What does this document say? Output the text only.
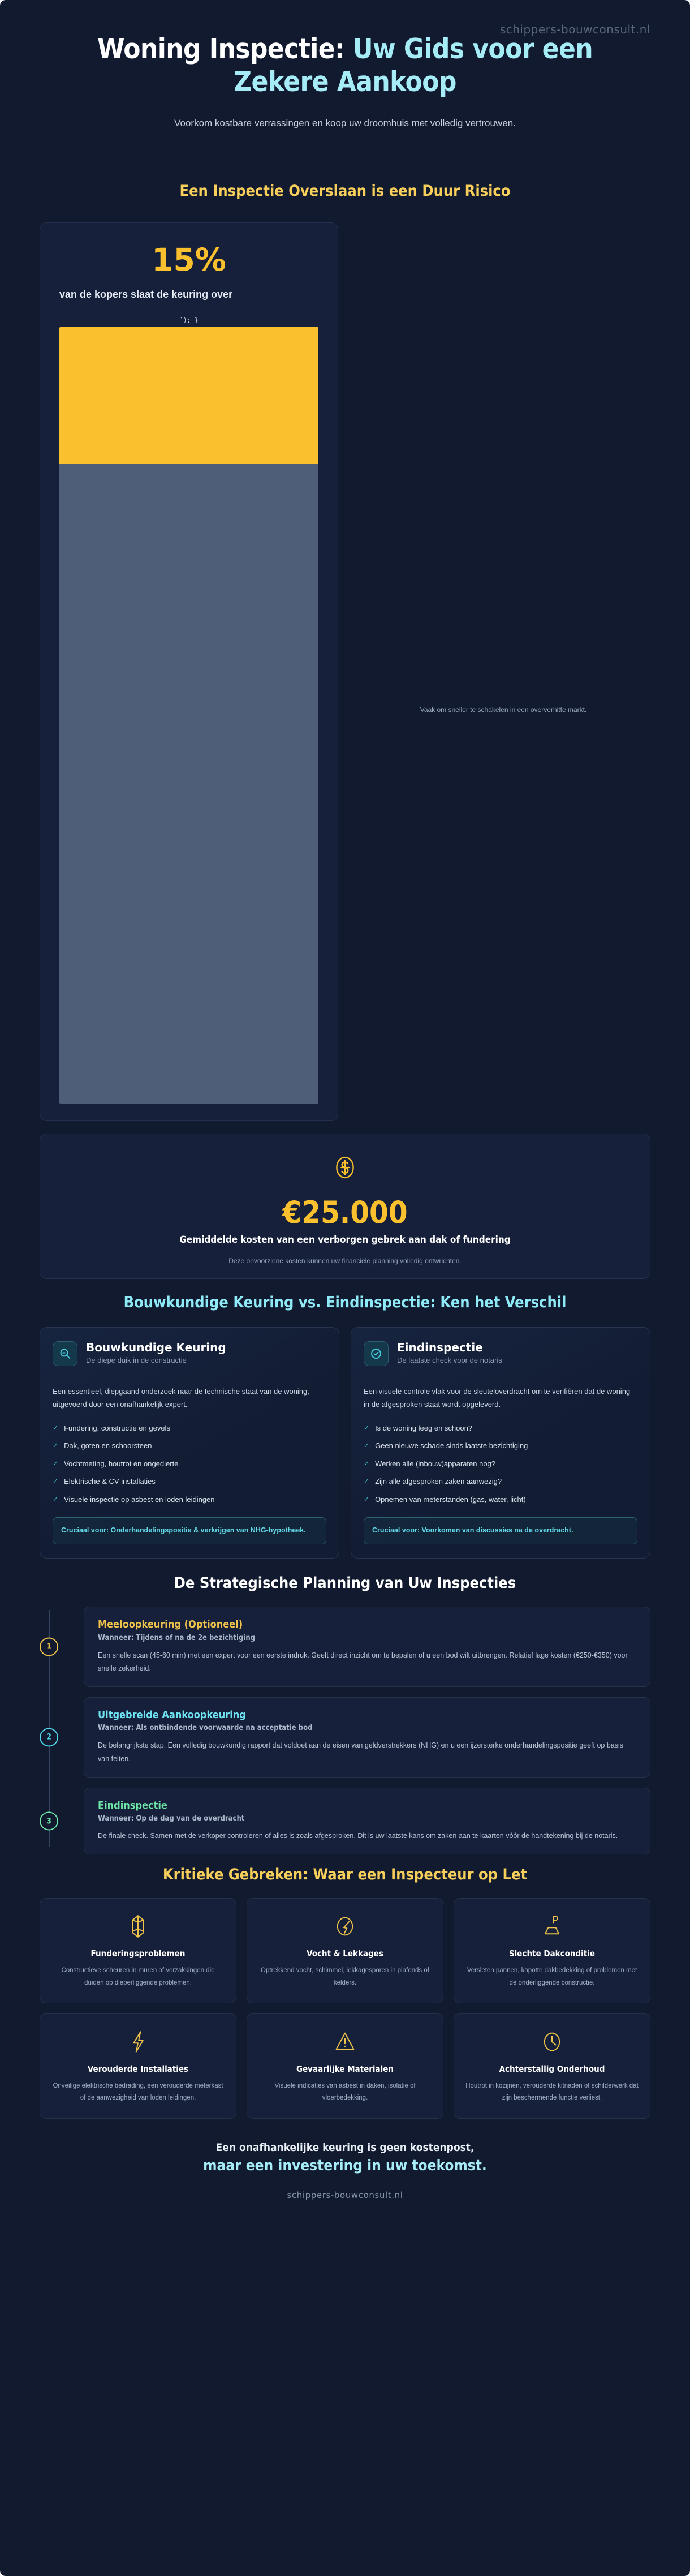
schippers-bouwconsult.nl
Woning Inspectie: Uw Gids voor een Zekere Aankoop

Voorkom kostbare verrassingen en koop uw droomhuis met volledig vertrouwen.

Een Inspectie Overslaan is een Duur Risico
15%
van de kopers slaat de keuring over
`); }
Vaak om sneller te schakelen in een oververhitte markt.
€25.000
Gemiddelde kosten van een verborgen gebrek aan dak of fundering
Deze onvoorziene kosten kunnen uw financiële planning volledig ontwrichten.
Bouwkundige Keuring vs. Eindinspectie: Ken het Verschil
Bouwkundige Keuring
De diepe duik in de constructie

Een essentieel, diepgaand onderzoek naar de technische staat van de woning, uitgevoerd door een onafhankelijk expert.

✓ Fundering, constructie en gevels
✓ Dak, goten en schoorsteen
✓ Vochtmeting, houtrot en ongedierte
✓ Elektrische & CV-installaties
✓ Visuele inspectie op asbest en loden leidingen
Cruciaal voor: Onderhandelingspositie & verkrijgen van NHG-hypotheek.
Eindinspectie
De laatste check voor de notaris

Een visuele controle vlak voor de sleuteloverdracht om te verifiêren dat de woning in de afgesproken staat wordt opgeleverd.

✓ Is de woning leeg en schoon?
✓ Geen nieuwe schade sinds laatste bezichtiging
✓ Werken alle (inbouw)apparaten nog?
✓ Zijn alle afgesproken zaken aanwezig?
✓ Opnemen van meterstanden (gas, water, licht)
Cruciaal voor: Voorkomen van discussies na de overdracht.
De Strategische Planning van Uw Inspecties
1
Meeloopkeuring (Optioneel)
Wanneer: Tijdens of na de 2e bezichtiging
Een snelle scan (45-60 min) met een expert voor een eerste indruk. Geeft direct inzicht om te bepalen of u een bod wilt uitbrengen. Relatief lage kosten (€250-€350) voor snelle zekerheid.
2
Uitgebreide Aankoopkeuring
Wanneer: Als ontbindende voorwaarde na acceptatie bod
De belangrijkste stap. Een volledig bouwkundig rapport dat voldoet aan de eisen van geldverstrekkers (NHG) en u een ijzersterke onderhandelingspositie geeft op basis van feiten.
3
Eindinspectie
Wanneer: Op de dag van de overdracht
De finale check. Samen met de verkoper controleren of alles is zoals afgesproken. Dit is uw laatste kans om zaken aan te kaarten vóór de handtekening bij de notaris.
Kritieke Gebreken: Waar een Inspecteur op Let
Funderingsproblemen
Constructieve scheuren in muren of verzakkingen die duiden op dieperliggende problemen.
Vocht & Lekkages
Optrekkend vocht, schimmel, lekkagesporen in plafonds of kelders.
Slechte Dakconditie
Versleten pannen, kapotte dakbedekking of problemen met de onderliggende constructie.
Verouderde Installaties
Onveilige elektrische bedrading, een verouderde meterkast of de aanwezigheid van loden leidingen.
Gevaarlijke Materialen
Visuele indicaties van asbest in daken, isolatie of vloerbedekking.
Achterstallig Onderhoud
Houtrot in kozijnen, verouderde kitnaden of schilderwerk dat zijn beschermende functie verliest.
Een onafhankelijke keuring is geen kostenpost,
maar een investering in uw toekomst.
schippers-bouwconsult.nl
